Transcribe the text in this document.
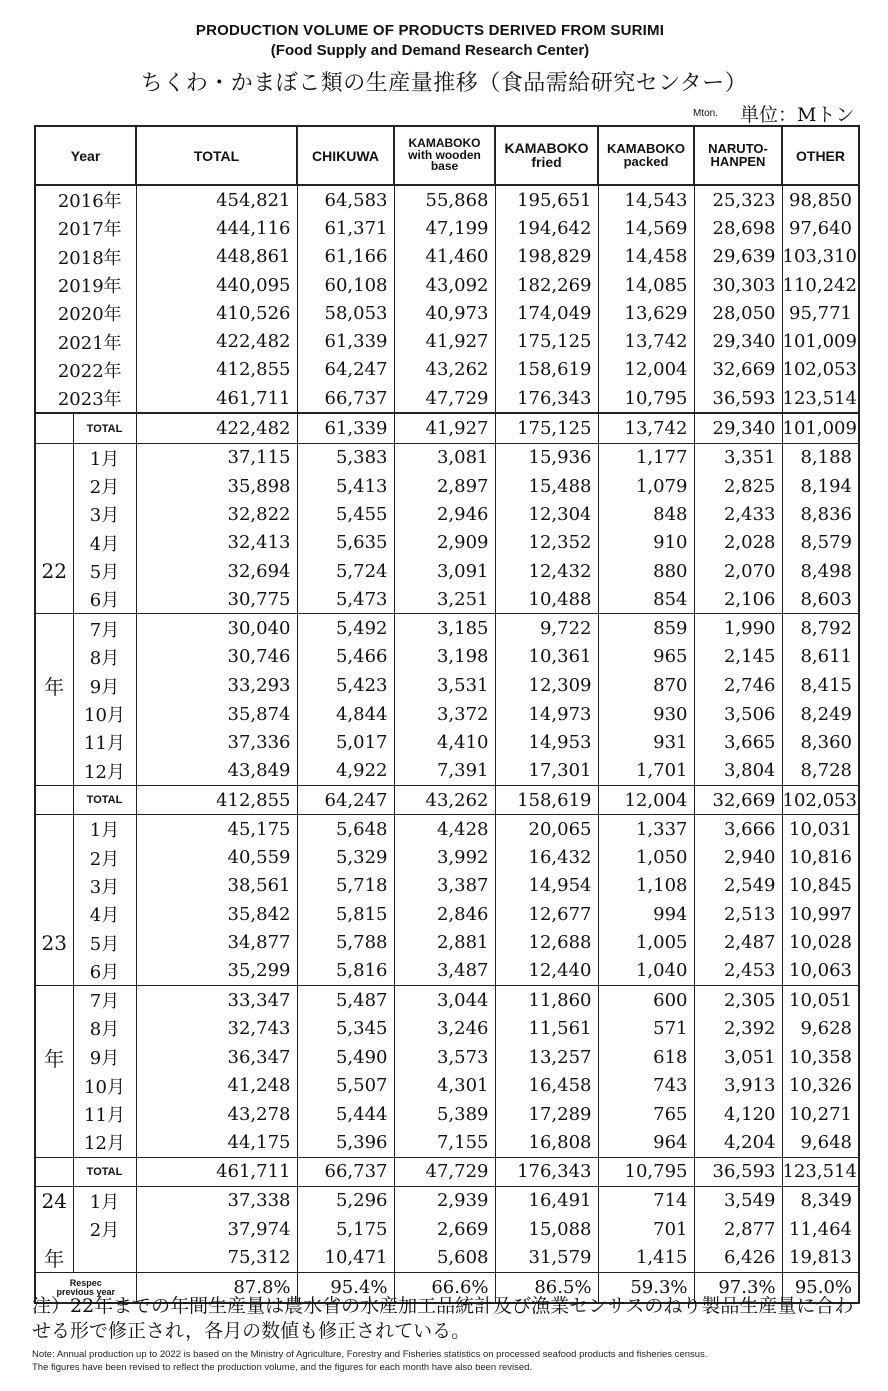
PRODUCTION VOLUME OF PRODUCTS DERIVED FROM SURIMI
(Food Supply and Demand Research Center)
ちくわ・かまぼこ類の生産量推移（食品需給研究センター）
Mton. 単位：Mトン
Year		TOTAL	CHIKUWA	KAMABOKO with wooden base	KAMABOKO fried	KAMABOKO packed	NARUTO-HANPEN	OTHER
2016年		454,821	64,583	55,868	195,651	14,543	25,323	98,850
2017年		444,116	61,371	47,199	194,642	14,569	28,698	97,640
2018年		448,861	61,166	41,460	198,829	14,458	29,639	103,310
2019年		440,095	60,108	43,092	182,269	14,085	30,303	110,242
2020年		410,526	58,053	40,973	174,049	13,629	28,050	95,771
2021年		422,482	61,339	41,927	175,125	13,742	29,340	101,009
2022年		412,855	64,247	43,262	158,619	12,004	32,669	102,053
2023年		461,711	66,737	47,729	176,343	10,795	36,593	123,514
	TOTAL	422,482	61,339	41,927	175,125	13,742	29,340	101,009
	1月	37,115	5,383	3,081	15,936	1,177	3,351	8,188
	2月	35,898	5,413	2,897	15,488	1,079	2,825	8,194
	3月	32,822	5,455	2,946	12,304	848	2,433	8,836
	4月	32,413	5,635	2,909	12,352	910	2,028	8,579
22	5月	32,694	5,724	3,091	12,432	880	2,070	8,498
	6月	30,775	5,473	3,251	10,488	854	2,106	8,603
	7月	30,040	5,492	3,185	9,722	859	1,990	8,792
	8月	30,746	5,466	3,198	10,361	965	2,145	8,611
年	9月	33,293	5,423	3,531	12,309	870	2,746	8,415
	10月	35,874	4,844	3,372	14,973	930	3,506	8,249
	11月	37,336	5,017	4,410	14,953	931	3,665	8,360
	12月	43,849	4,922	7,391	17,301	1,701	3,804	8,728
	TOTAL	412,855	64,247	43,262	158,619	12,004	32,669	102,053
	1月	45,175	5,648	4,428	20,065	1,337	3,666	10,031
	2月	40,559	5,329	3,992	16,432	1,050	2,940	10,816
	3月	38,561	5,718	3,387	14,954	1,108	2,549	10,845
	4月	35,842	5,815	2,846	12,677	994	2,513	10,997
23	5月	34,877	5,788	2,881	12,688	1,005	2,487	10,028
	6月	35,299	5,816	3,487	12,440	1,040	2,453	10,063
	7月	33,347	5,487	3,044	11,860	600	2,305	10,051
	8月	32,743	5,345	3,246	11,561	571	2,392	9,628
年	9月	36,347	5,490	3,573	13,257	618	3,051	10,358
	10月	41,248	5,507	4,301	16,458	743	3,913	10,326
	11月	43,278	5,444	5,389	17,289	765	4,120	10,271
	12月	44,175	5,396	7,155	16,808	964	4,204	9,648
	TOTAL	461,711	66,737	47,729	176,343	10,795	36,593	123,514
24	1月	37,338	5,296	2,939	16,491	714	3,549	8,349
	2月	37,974	5,175	2,669	15,088	701	2,877	11,464
年		75,312	10,471	5,608	31,579	1,415	6,426	19,813

Respec
previous year		87.8%	95.4%	66.6%	86.5%	59.3%	97.3%	95.0%
注）22年までの年間生産量は農水省の水産加工品統計及び漁業センサスのねり製品生産量に合わせる形で修正され，各月の数値も修正されている。
Note: Annual production up to 2022 is based on the Ministry of Agriculture, Forestry and Fisheries statistics on processed seafood products and fisheries census.
The figures have been revised to reflect the production volume, and the figures for each month have also been revised.
